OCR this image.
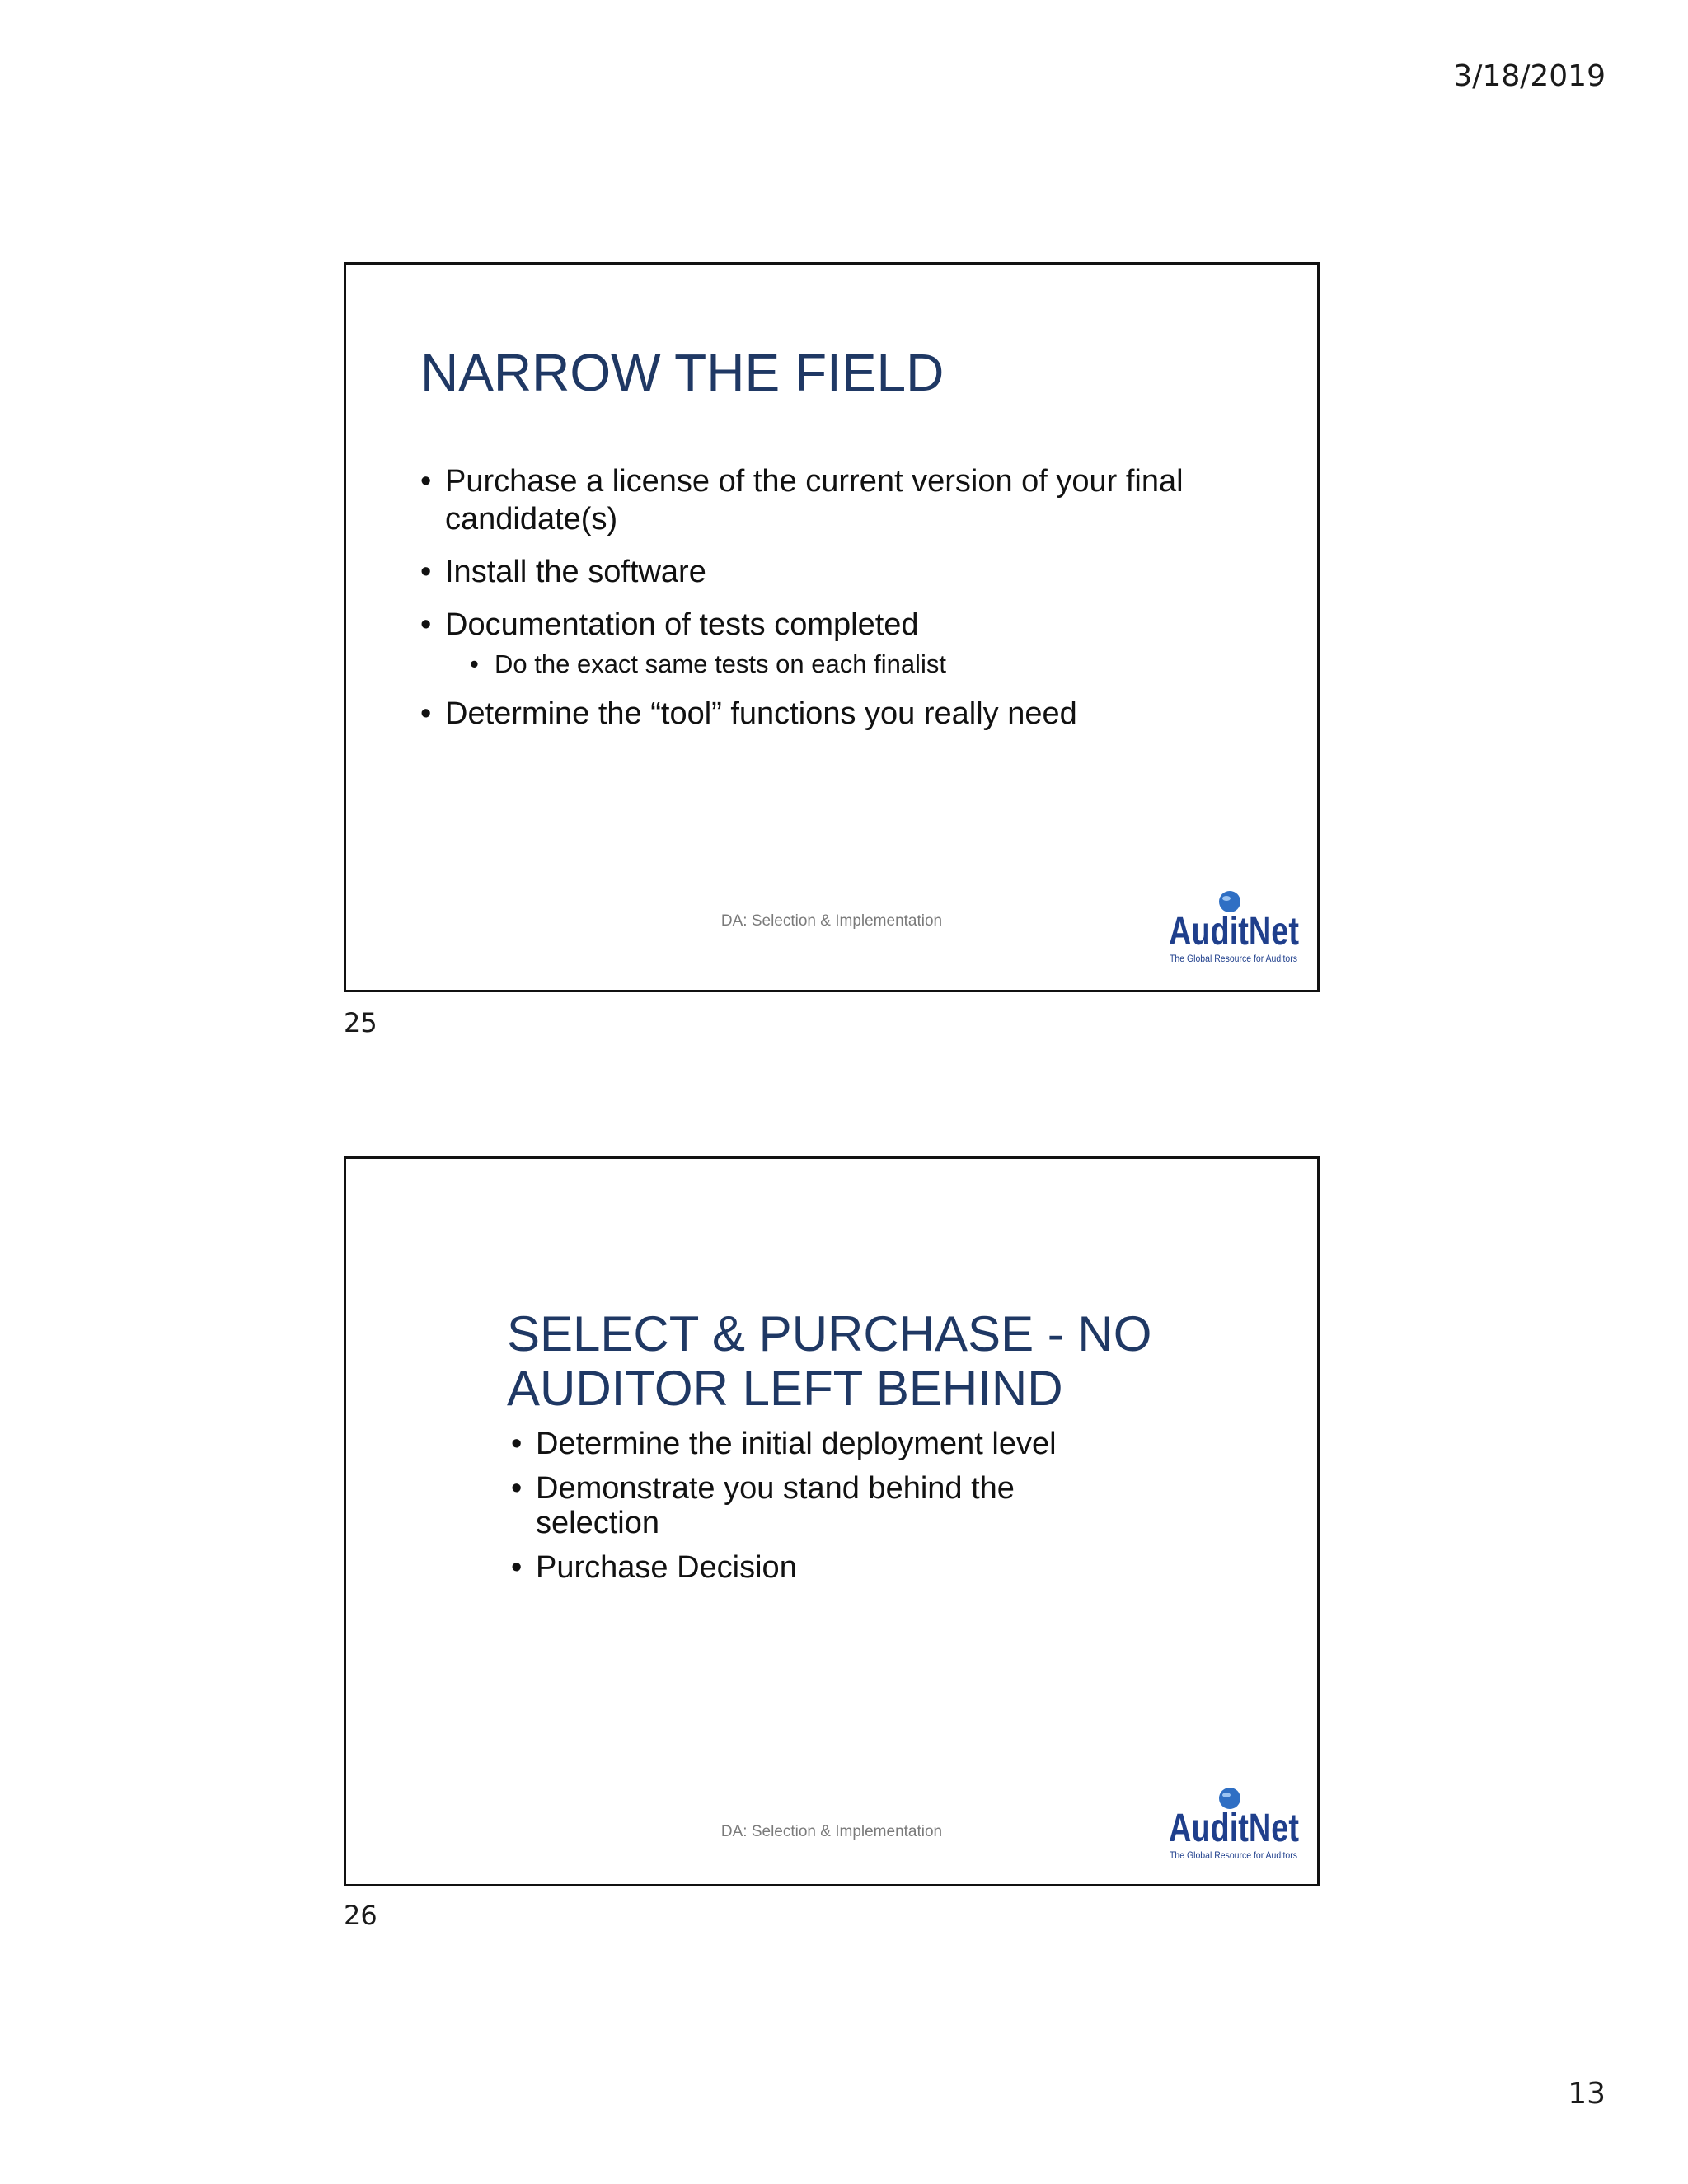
3/18/2019
NARROW THE FIELD
• Purchase a license of the current version of your final candidate(s)
• Install the software
• Documentation of tests completed
• Do the exact same tests on each finalist
• Determine the “tool” functions you really need
DA: Selection & Implementation	AuditNet
The Global Resource for Auditors
25
SELECT & PURCHASE - NO
AUDITOR LEFT BEHIND
• Determine the initial deployment level
• Demonstrate you stand behind the selection
• Purchase Decision
DA: Selection & Implementation	AuditNet
The Global Resource for Auditors
26
13
